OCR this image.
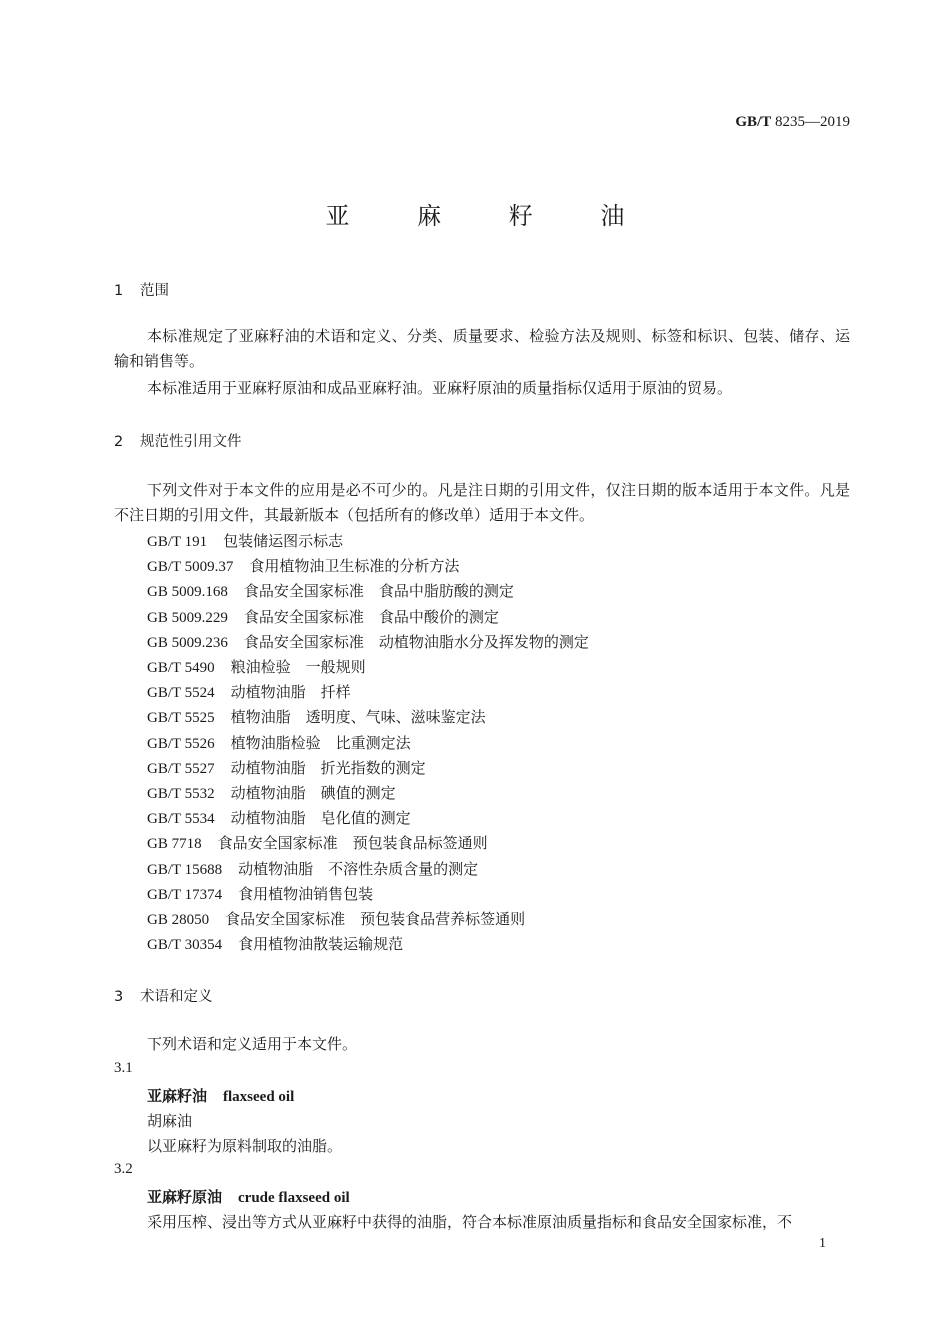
GB/T 8235—2019
亚 麻 籽 油
1 范围
本标准规定了亚麻籽油的术语和定义、分类、质量要求、检验方法及规则、标签和标识、包装、储存、运输和销售等。
本标准适用于亚麻籽原油和成品亚麻籽油。亚麻籽原油的质量指标仅适用于原油的贸易。
2 规范性引用文件
下列文件对于本文件的应用是必不可少的。凡是注日期的引用文件，仅注日期的版本适用于本文件。凡是不注日期的引用文件，其最新版本（包括所有的修改单）适用于本文件。
GB/T 191 包装储运图示标志
GB/T 5009.37 食用植物油卫生标准的分析方法
GB 5009.168 食品安全国家标准　食品中脂肪酸的测定
GB 5009.229 食品安全国家标准　食品中酸价的测定
GB 5009.236 食品安全国家标准　动植物油脂水分及挥发物的测定
GB/T 5490 粮油检验　一般规则
GB/T 5524 动植物油脂　扦样
GB/T 5525 植物油脂　透明度、气味、滋味鉴定法
GB/T 5526 植物油脂检验　比重测定法
GB/T 5527 动植物油脂　折光指数的测定
GB/T 5532 动植物油脂　碘值的测定
GB/T 5534 动植物油脂　皂化值的测定
GB 7718 食品安全国家标准　预包装食品标签通则
GB/T 15688 动植物油脂　不溶性杂质含量的测定
GB/T 17374 食用植物油销售包装
GB 28050 食品安全国家标准　预包装食品营养标签通则
GB/T 30354 食用植物油散装运输规范
3 术语和定义
下列术语和定义适用于本文件。
3.1
亚麻籽油 flaxseed oil
胡麻油
以亚麻籽为原料制取的油脂。
3.2
亚麻籽原油 crude flaxseed oil
采用压榨、浸出等方式从亚麻籽中获得的油脂，符合本标准原油质量指标和食品安全国家标准，不
1
